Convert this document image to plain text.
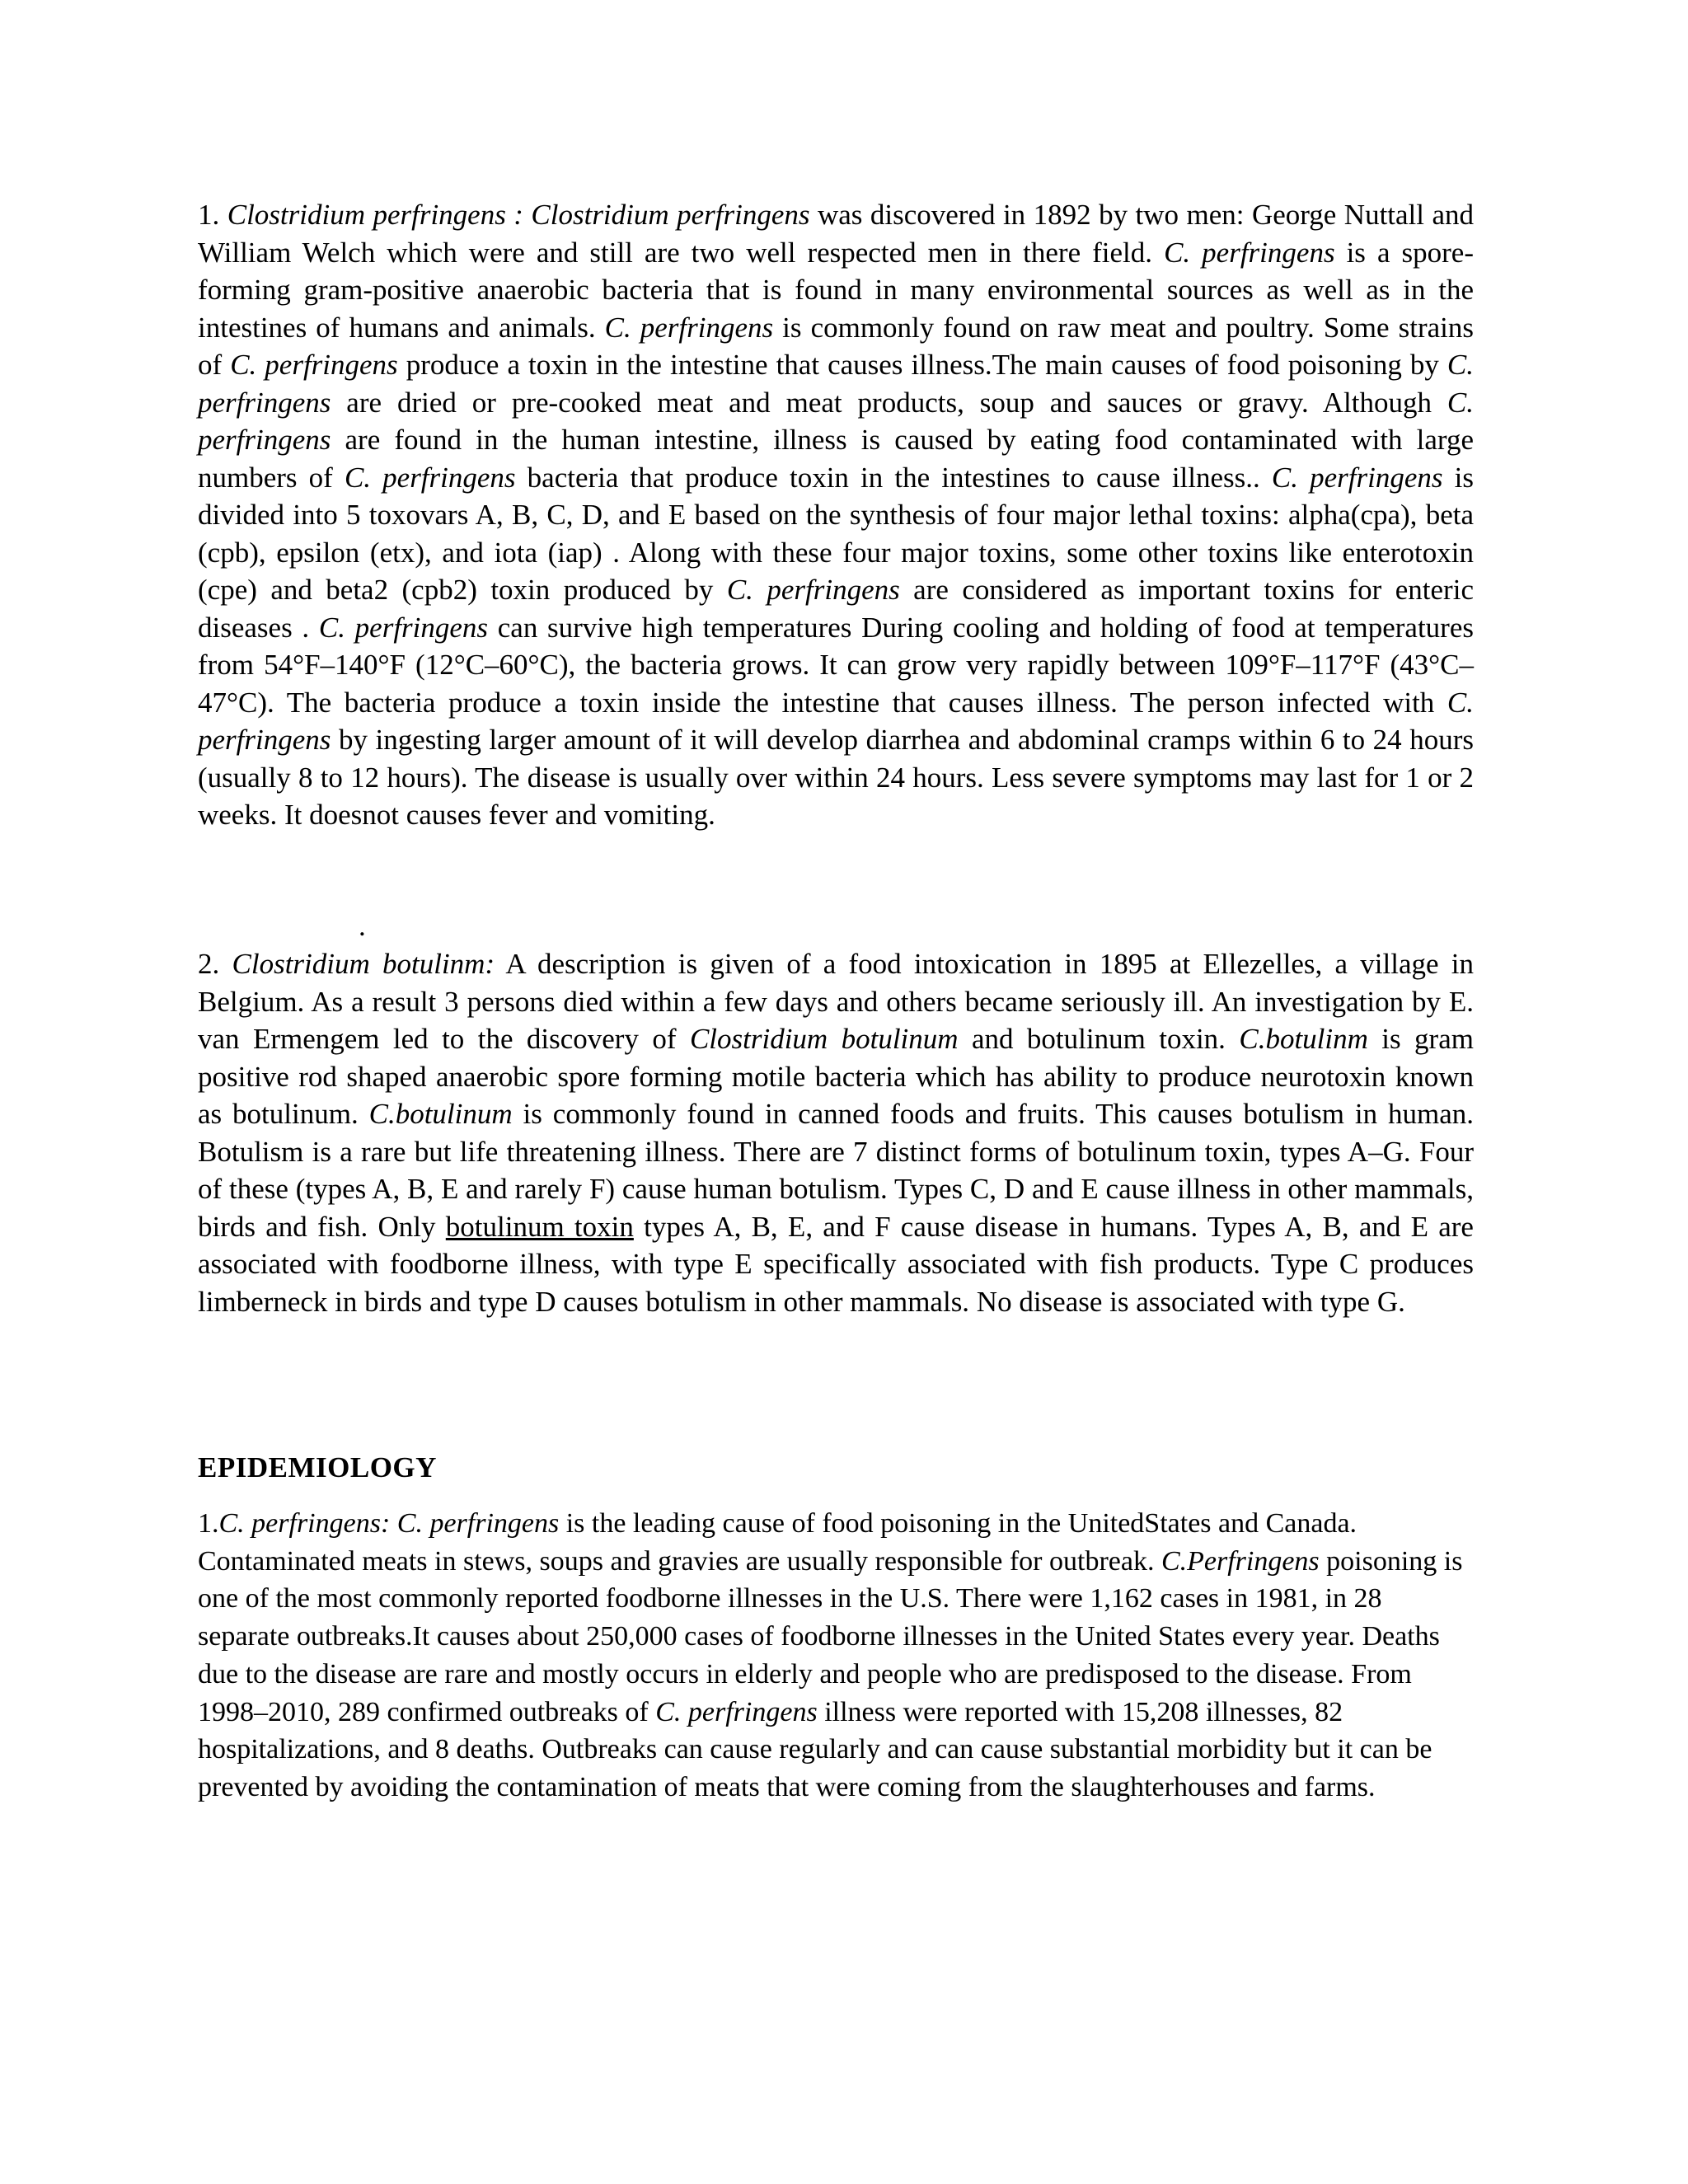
1. Clostridium perfringens : Clostridium perfringens was discovered in 1892 by two men: George Nuttall and William Welch which were and still are two well respected men in there field. C. perfringens is a spore-forming gram-positive anaerobic bacteria that is found in many environmental sources as well as in the intestines of humans and animals. C. perfringens is commonly found on raw meat and poultry. Some strains of C. perfringens produce a toxin in the intestine that causes illness.The main causes of food poisoning by C. perfringens are dried or pre-cooked meat and meat products, soup and sauces or gravy. Although C. perfringens are found in the human intestine, illness is caused by eating food contaminated with large numbers of C. perfringens bacteria that produce toxin in the intestines to cause illness.. C. perfringens is divided into 5 toxovars A, B, C, D, and E based on the synthesis of four major lethal toxins: alpha(cpa), beta (cpb), epsilon (etx), and iota (iap) . Along with these four major toxins, some other toxins like enterotoxin (cpe) and beta2 (cpb2) toxin produced by C. perfringens are considered as important toxins for enteric diseases . C. perfringens can survive high temperatures During cooling and holding of food at temperatures from 54°F–140°F (12°C–60°C), the bacteria grows. It can grow very rapidly between 109°F–117°F (43°C–47°C). The bacteria produce a toxin inside the intestine that causes illness. The person infected with C. perfringens by ingesting larger amount of it will develop diarrhea and abdominal cramps within 6 to 24 hours (usually 8 to 12 hours). The disease is usually over within 24 hours. Less severe symptoms may last for 1 or 2 weeks. It doesnot causes fever and vomiting.

.

2. Clostridium botulinm: A description is given of a food intoxication in 1895 at Ellezelles, a village in Belgium. As a result 3 persons died within a few days and others became seriously ill. An investigation by E. van Ermengem led to the discovery of Clostridium botulinum and botulinum toxin. C.botulinm is gram positive rod shaped anaerobic spore forming motile bacteria which has ability to produce neurotoxin known as botulinum. C.botulinum is commonly found in canned foods and fruits. This causes botulism in human. Botulism is a rare but life threatening illness. There are 7 distinct forms of botulinum toxin, types A–G. Four of these (types A, B, E and rarely F) cause human botulism. Types C, D and E cause illness in other mammals, birds and fish. Only botulinum toxin types A, B, E, and F cause disease in humans. Types A, B, and E are associated with foodborne illness, with type E specifically associated with fish products. Type C produces limberneck in birds and type D causes botulism in other mammals. No disease is associated with type G.

EPIDEMIOLOGY

1.C. perfringens: C. perfringens is the leading cause of food poisoning in the UnitedStates and Canada. Contaminated meats in stews, soups and gravies are usually responsible for outbreak. C.Perfringens poisoning is one of the most commonly reported foodborne illnesses in the U.S. There were 1,162 cases in 1981, in 28 separate outbreaks.It causes about 250,000 cases of foodborne illnesses in the United States every year. Deaths due to the disease are rare and mostly occurs in elderly and people who are predisposed to the disease. From 1998–2010, 289 confirmed outbreaks of C. perfringens illness were reported with 15,208 illnesses, 82 hospitalizations, and 8 deaths. Outbreaks can cause regularly and can cause substantial morbidity but it can be prevented by avoiding the contamination of meats that were coming from the slaughterhouses and farms.
